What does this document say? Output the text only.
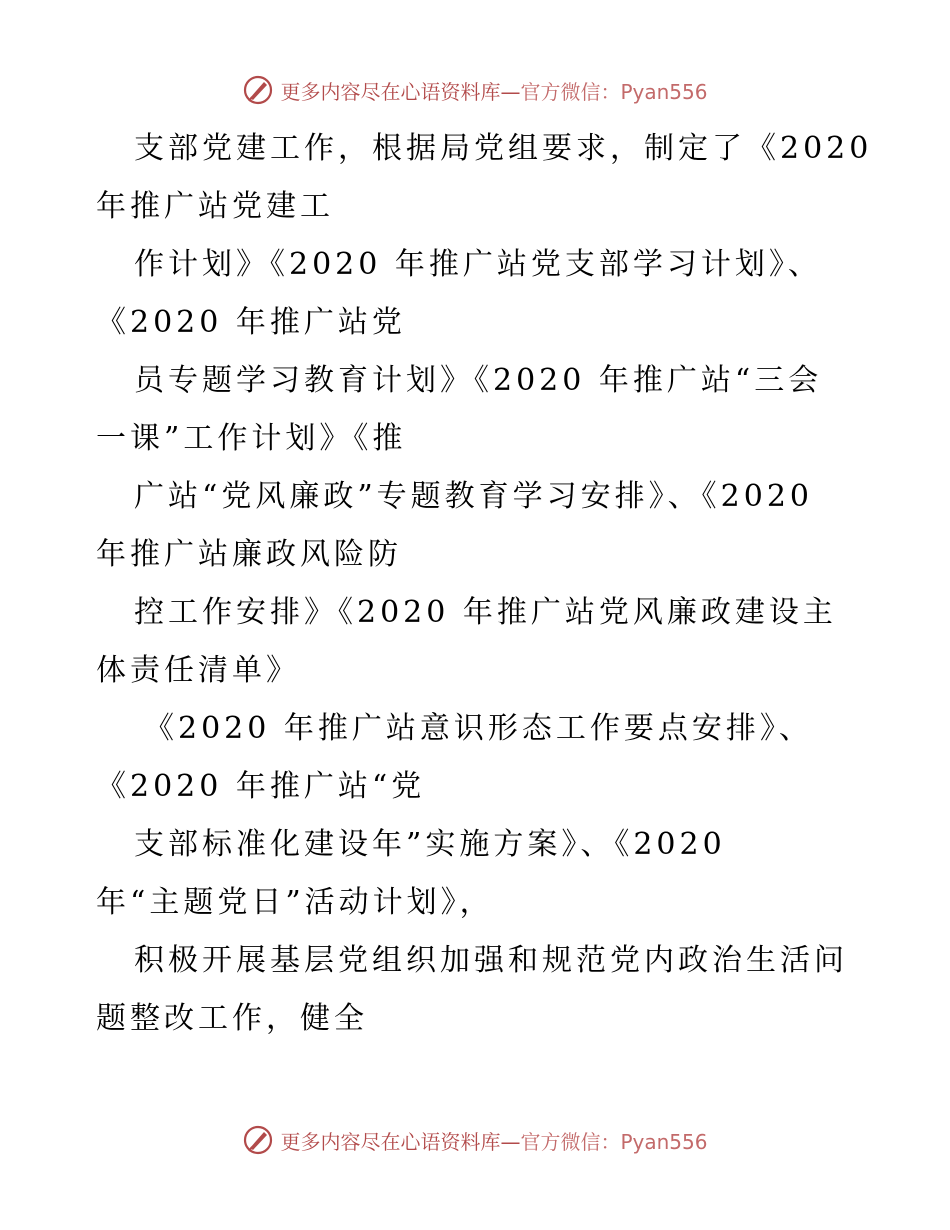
更多内容尽在心语资料库—官方微信：Pyan556
支部党建工作，根据局党组要求，制定了《2020
年推广站党建工
作计划》《2020 年推广站党支部学习计划》、
《2020 年推广站党
员专题学习教育计划》《2020 年推广站“三会
一课”工作计划》《推
广站“党风廉政”专题教育学习安排》、《2020
年推广站廉政风险防
控工作安排》《2020 年推广站党风廉政建设主
体责任清单》
《2020 年推广站意识形态工作要点安排》、
《2020 年推广站“党
支部标准化建设年”实施方案》、《2020
年“主题党日”活动计划》，
积极开展基层党组织加强和规范党内政治生活问
题整改工作，健全
更多内容尽在心语资料库—官方微信：Pyan556
